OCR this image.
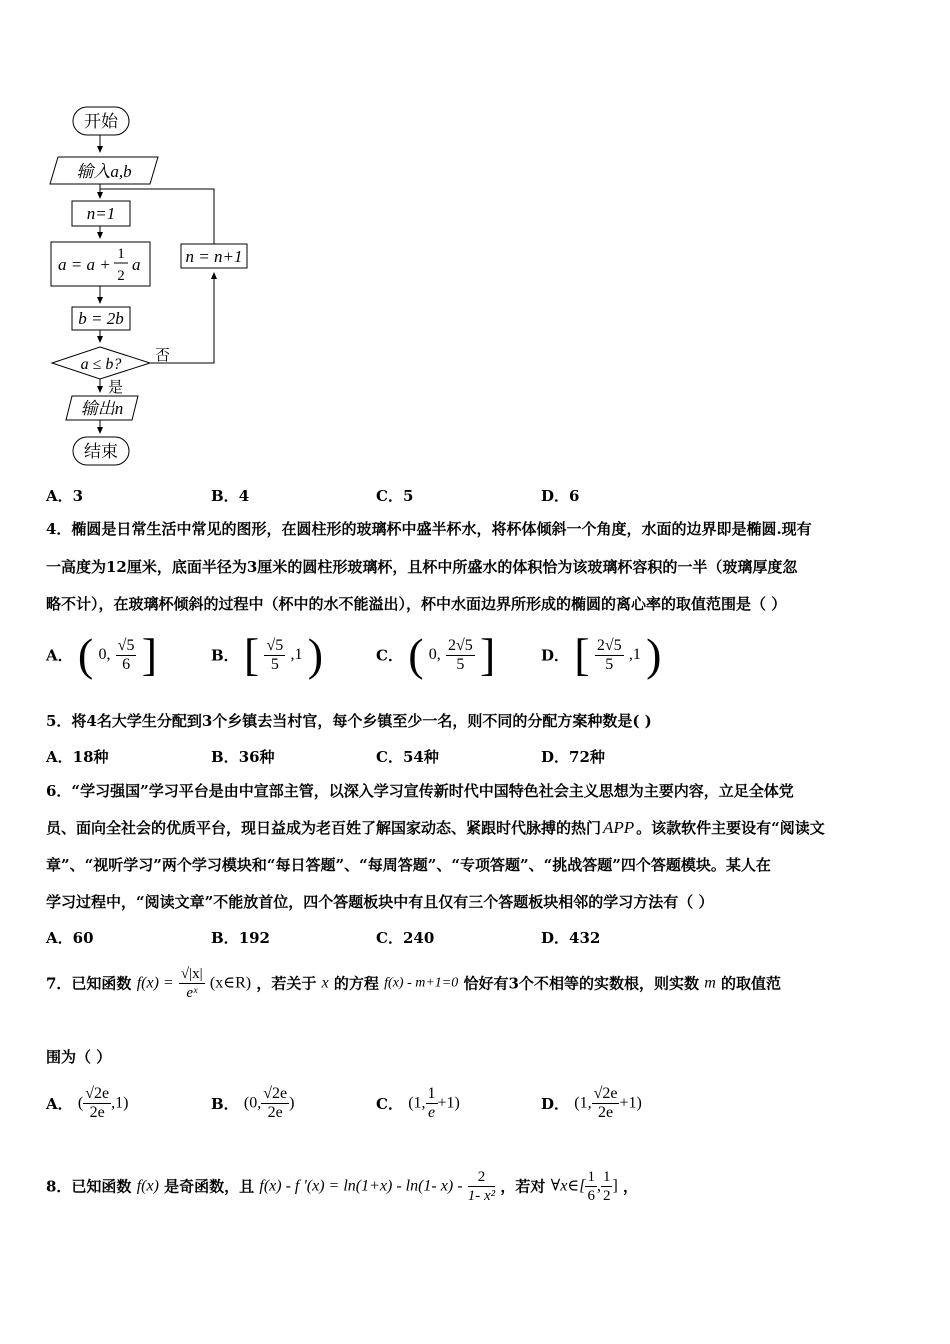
开始
输入a,b
n=1
a = a +
1
2
a
b = 2b
a ≤ b? 否
是
n = n+1
输出n
结束
A．3	B．4	C．5	D．6
4．椭圆是日常生活中常见的图形，在圆柱形的玻璃杯中盛半杯水，将杯体倾斜一个角度，水面的边界即是椭圆.现有
一高度为12厘米，底面半径为3厘米的圆柱形玻璃杯，且杯中所盛水的体积恰为该玻璃杯容积的一半（玻璃厚度忽
略不计），在玻璃杯倾斜的过程中（杯中的水不能溢出），杯中水面边界所形成的椭圆的离心率的取值范围是（ ）
A． ( 0, $\frac{√5}{6}$ ]	B． [ $\frac{√5}{5} ,1$ )	C． ( 0, $\frac{2√5}{5}$ ]	D． [ $\frac{2√5}{5} ,1$ )
5．将4名大学生分配到3个乡镇去当村官，每个乡镇至少一名，则不同的分配方案种数是( )
A．18种	B．36种	C．54种	D．72种
6．“学习强国”学习平台是由中宣部主管，以深入学习宣传新时代中国特色社会主义思想为主要内容，立足全体党
员、面向全社会的优质平台，现日益成为老百姓了解国家动态、紧跟时代脉搏的热门 APP 。该款软件主要设有“阅读文
章”、“视听学习”两个学习模块和“每日答题”、“每周答题”、“专项答题”、“挑战答题”四个答题模块。某人在
学习过程中，“阅读文章”不能放首位，四个答题板块中有且仅有三个答题板块相邻的学习方法有（ ）
A．60	B．192	C．240	D．432
7．已知函数 $f(x) = \frac{√|x|}{\text{eˣ}}$ (x∈R) ，若关于 x 的方程 f(x) - m+1=0 恰好有3个不相等的实数根，则实数 m 的取值范
围为（ ）
A． ( $\frac{√2e}{2e} ,1$)	B． (0, $\frac{√2e}{2e}$ )	C． (1, $\frac{1}{e} +1$)	D． (1, $\frac{√2e}{2e} +1$)
8．已知函数 f(x) 是奇函数，且 f(x) - f '(x) = ln(1+x) - ln(1- $x) - \frac{2}{\text{1- x²}}$ ，若对 ∀x∈[ $\frac{1}{6}$ , $\frac{1}{2}$ ] ，
